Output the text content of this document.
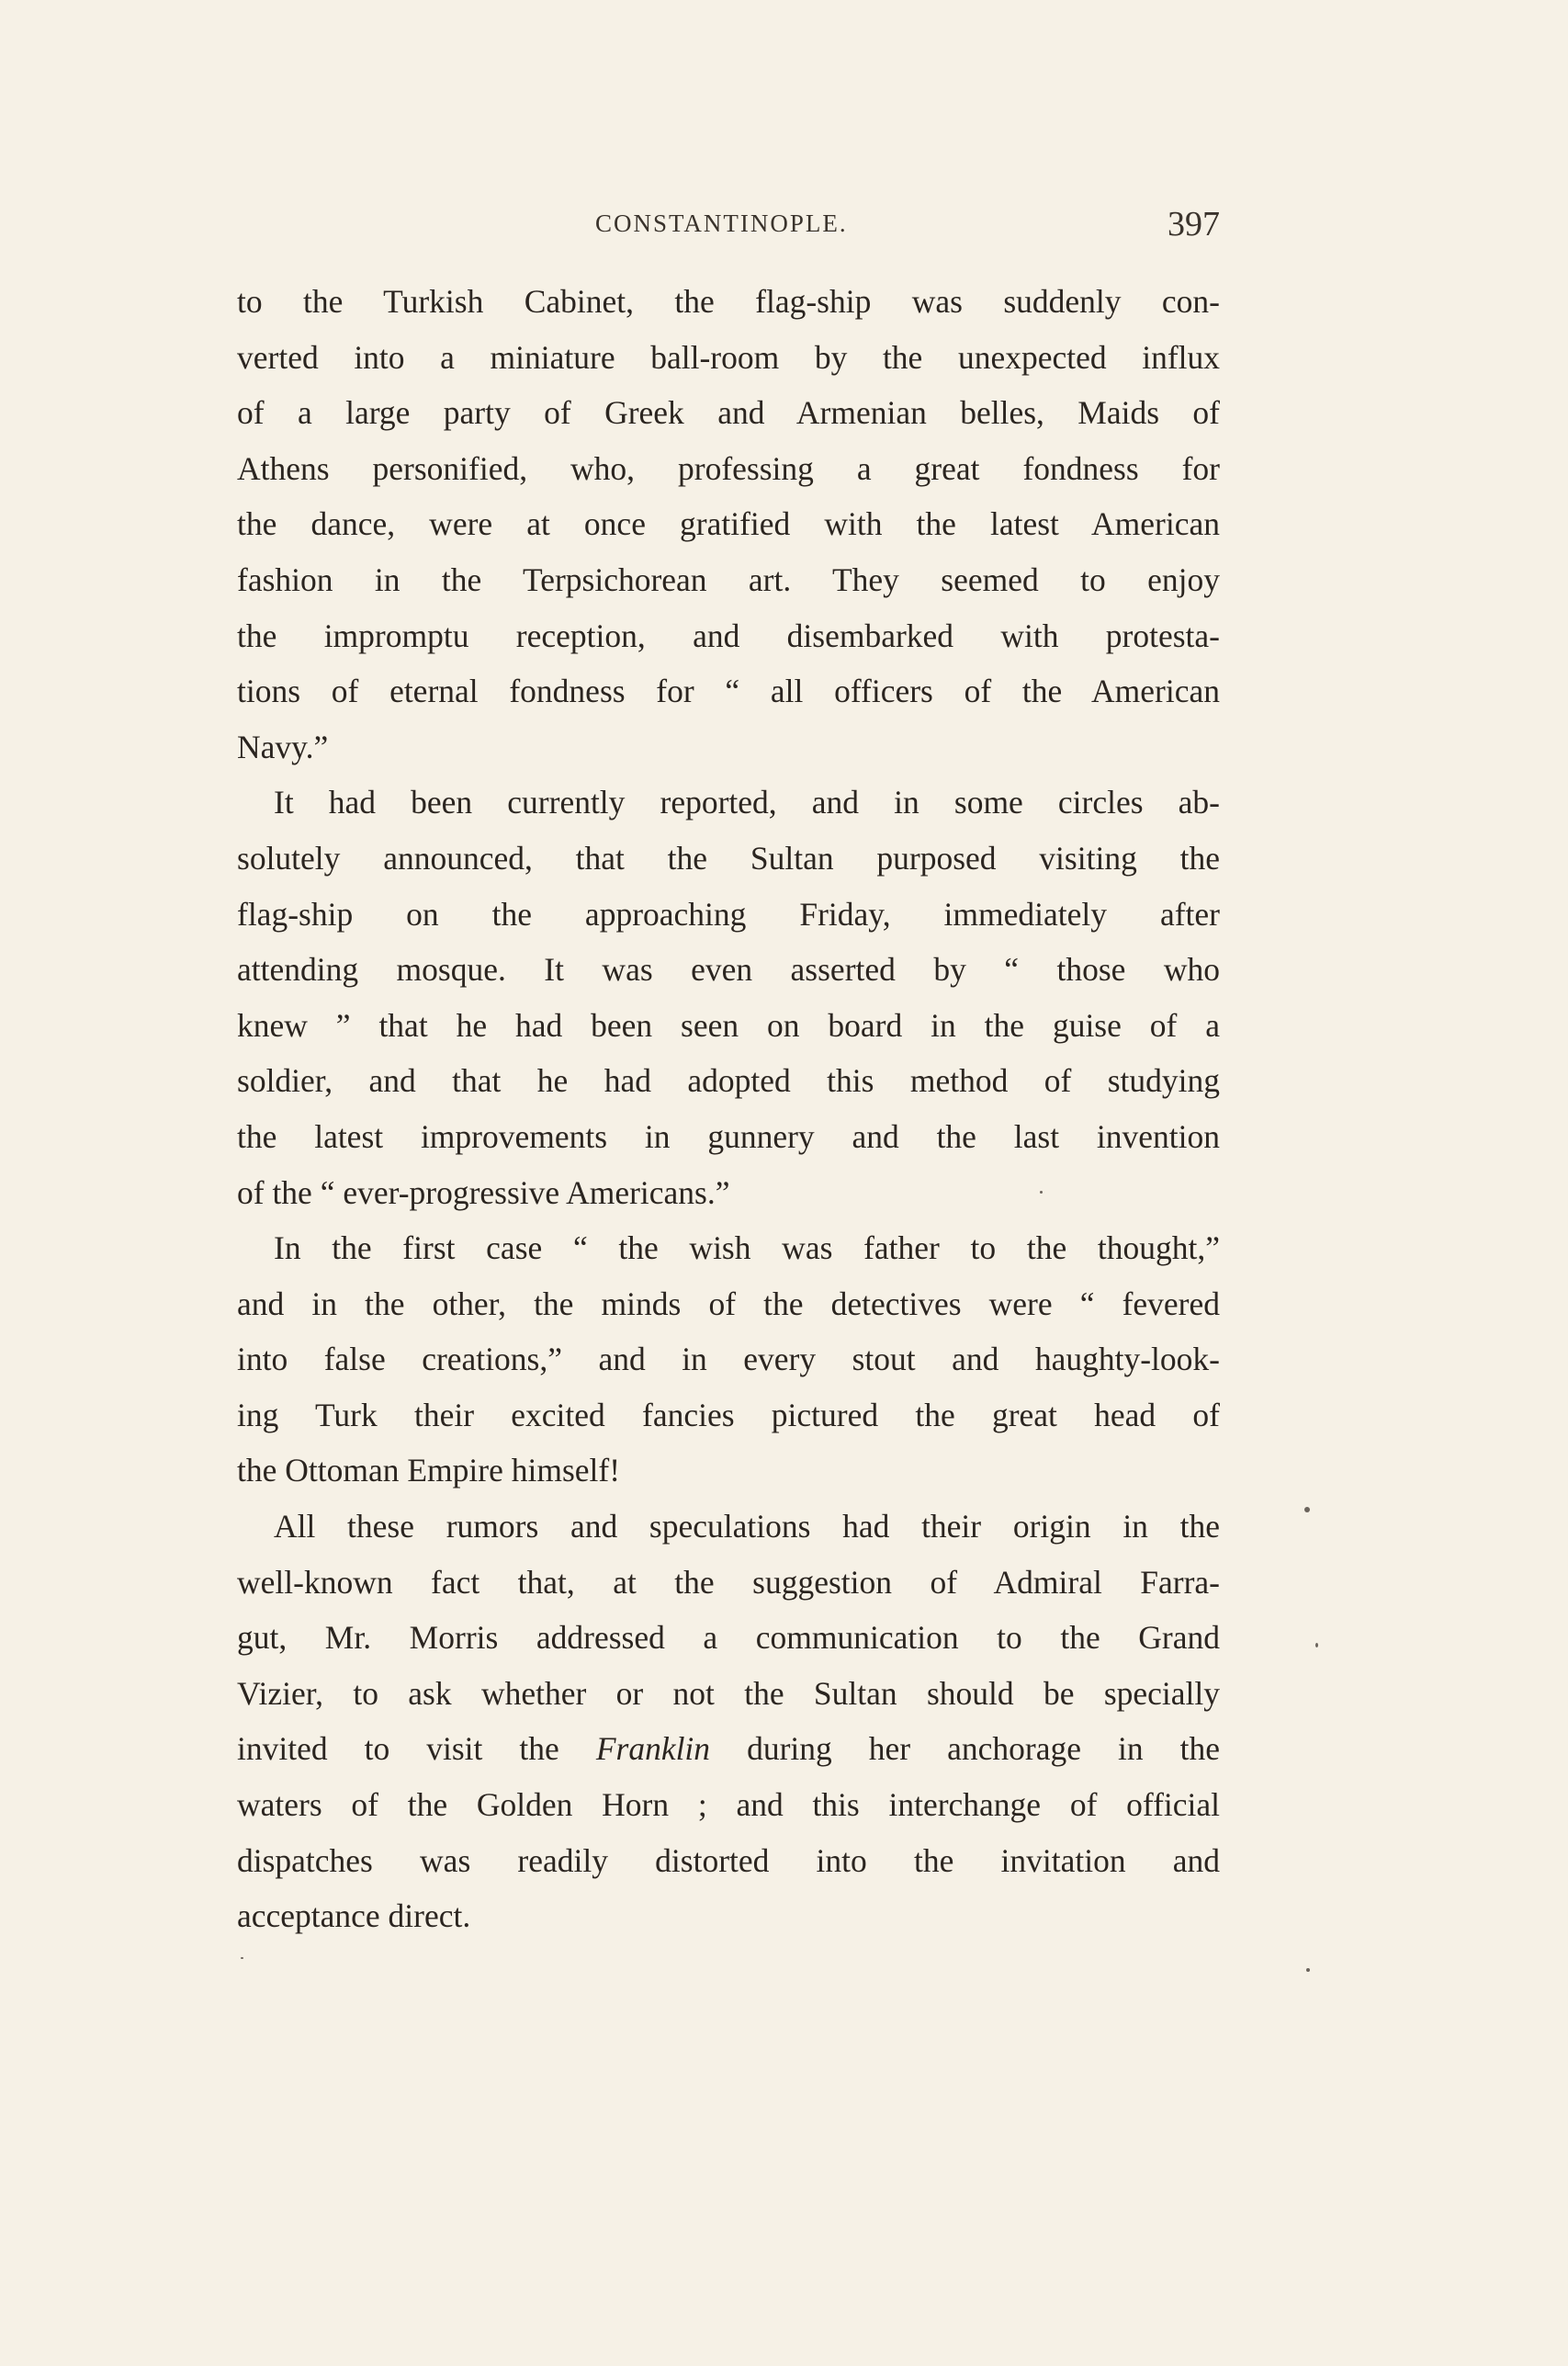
CONSTANTINOPLE.	397
to the Turkish Cabinet, the flag-ship was suddenly con-
verted into a miniature ball-room by the unexpected influx
of a large party of Greek and Armenian belles, Maids of
Athens personified, who, professing a great fondness for
the dance, were at once gratified with the latest American
fashion in the Terpsichorean art. They seemed to enjoy
the impromptu reception, and disembarked with protesta-
tions of eternal fondness for “ all officers of the American
Navy.”
It had been currently reported, and in some circles ab-
solutely announced, that the Sultan purposed visiting the
flag-ship on the approaching Friday, immediately after
attending mosque. It was even asserted by “ those who
knew ” that he had been seen on board in the guise of a
soldier, and that he had adopted this method of studying
the latest improvements in gunnery and the last invention
of the “ ever-progressive Americans.”
In the first case “ the wish was father to the thought,”
and in the other, the minds of the detectives were “ fevered
into false creations,” and in every stout and haughty-look-
ing Turk their excited fancies pictured the great head of
the Ottoman Empire himself!
All these rumors and speculations had their origin in the
well-known fact that, at the suggestion of Admiral Farra-
gut, Mr. Morris addressed a communication to the Grand
Vizier, to ask whether or not the Sultan should be specially
invited to visit the Franklin during her anchorage in the
waters of the Golden Horn ; and this interchange of official
dispatches was readily distorted into the invitation and
acceptance direct.
